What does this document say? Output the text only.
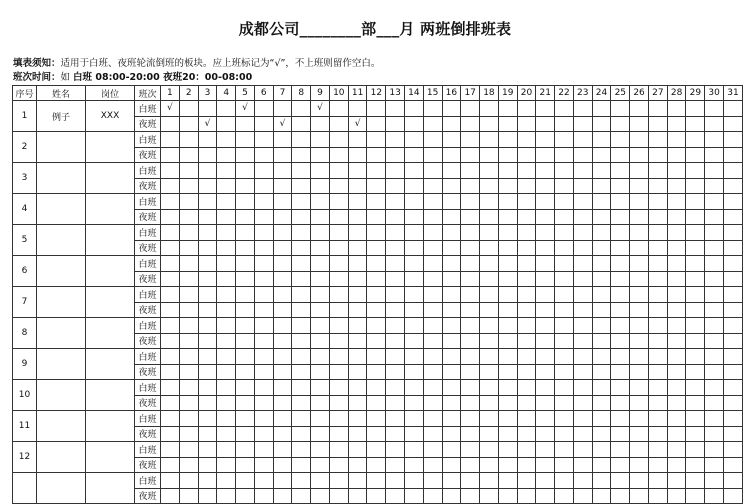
成都公司________部___月 两班倒排班表
填表须知：适用于白班、夜班轮流倒班的板块。应上班标记为“√”，不上班则留作空白。
班次时间：如 白班 08:00-20:00 夜班20：00-08:00
序号	姓名	岗位	班次	1	2	3	4	5	6	7	8	9	10	11	12	13	14	15	16	17	18	19	20	21	22	23	24	25	26	27	28	29	30	31
1	例子	XXX	白班	√				√				√																						
			夜班			√				√				√																				
2			白班																															
			夜班																															
3			白班																															
			夜班																															
4			白班																															
			夜班																															
5			白班																															
			夜班																															
6			白班																															
			夜班																															
7			白班																															
			夜班																															
8			白班																															
			夜班																															
9			白班																															
			夜班																															
10			白班																															
			夜班																															
11			白班																															
			夜班																															
12			白班																															
			夜班																															
			白班																															
			夜班																															
